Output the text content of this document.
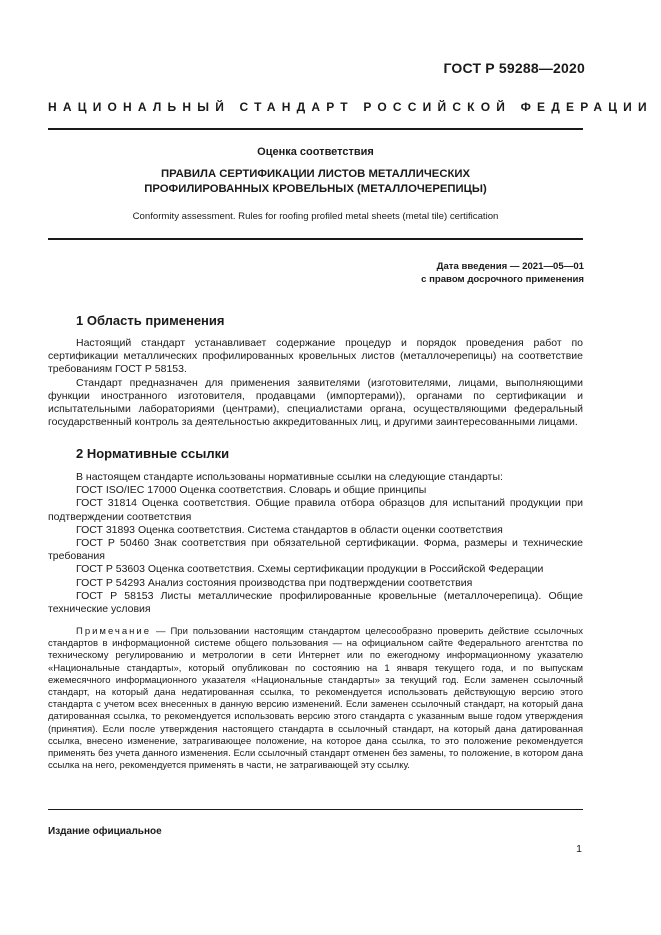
ГОСТ Р 59288—2020
НАЦИОНАЛЬНЫЙ СТАНДАРТ РОССИЙСКОЙ ФЕДЕРАЦИИ
Оценка соответствия
ПРАВИЛА СЕРТИФИКАЦИИ ЛИСТОВ МЕТАЛЛИЧЕСКИХ
ПРОФИЛИРОВАННЫХ КРОВЕЛЬНЫХ (МЕТАЛЛОЧЕРЕПИЦЫ)
Conformity assessment. Rules for roofing profiled metal sheets (metal tile) certification
Дата введения — 2021—05—01
с правом досрочного применения
1 Область применения

Настоящий стандарт устанавливает содержание процедур и порядок проведения работ по сертификации металлических профилированных кровельных листов (металлочерепицы) на соответствие требованиям ГОСТ Р 58153.

Стандарт предназначен для применения заявителями (изготовителями, лицами, выполняющими функции иностранного изготовителя, продавцами (импортерами)), органами по сертификации и испытательными лабораториями (центрами), специалистами органа, осуществляющими федеральный государственный контроль за деятельностью аккредитованных лиц, и другими заинтересованными лицами.

2 Нормативные ссылки

В настоящем стандарте использованы нормативные ссылки на следующие стандарты:

ГОСТ ISO/IEC 17000 Оценка соответствия. Словарь и общие принципы

ГОСТ 31814 Оценка соответствия. Общие правила отбора образцов для испытаний продукции при подтверждении соответствия

ГОСТ 31893 Оценка соответствия. Система стандартов в области оценки соответствия

ГОСТ Р 50460 Знак соответствия при обязательной сертификации. Форма, размеры и технические требования

ГОСТ Р 53603 Оценка соответствия. Схемы сертификации продукции в Российской Федерации

ГОСТ Р 54293 Анализ состояния производства при подтверждении соответствия

ГОСТ Р 58153 Листы металлические профилированные кровельные (металлочерепица). Общие технические условия

Примечание — При пользовании настоящим стандартом целесообразно проверить действие ссылочных стандартов в информационной системе общего пользования — на официальном сайте Федерального агентства по техническому регулированию и метрологии в сети Интернет или по ежегодному информационному указателю «Национальные стандарты», который опубликован по состоянию на 1 января текущего года, и по выпускам ежемесячного информационного указателя «Национальные стандарты» за текущий год. Если заменен ссылочный стандарт, на который дана недатированная ссылка, то рекомендуется использовать действующую версию этого стандарта с учетом всех внесенных в данную версию изменений. Если заменен ссылочный стандарт, на который дана датированная ссылка, то рекомендуется использовать версию этого стандарта с указанным выше годом утверждения (принятия). Если после утверждения настоящего стандарта в ссылочный стандарт, на который дана датированная ссылка, внесено изменение, затрагивающее положение, на которое дана ссылка, то это положение рекомендуется применять без учета данного изменения. Если ссылочный стандарт отменен без замены, то положение, в котором дана ссылка на него, рекомендуется применять в части, не затрагивающей эту ссылку.

Издание официальное
1
